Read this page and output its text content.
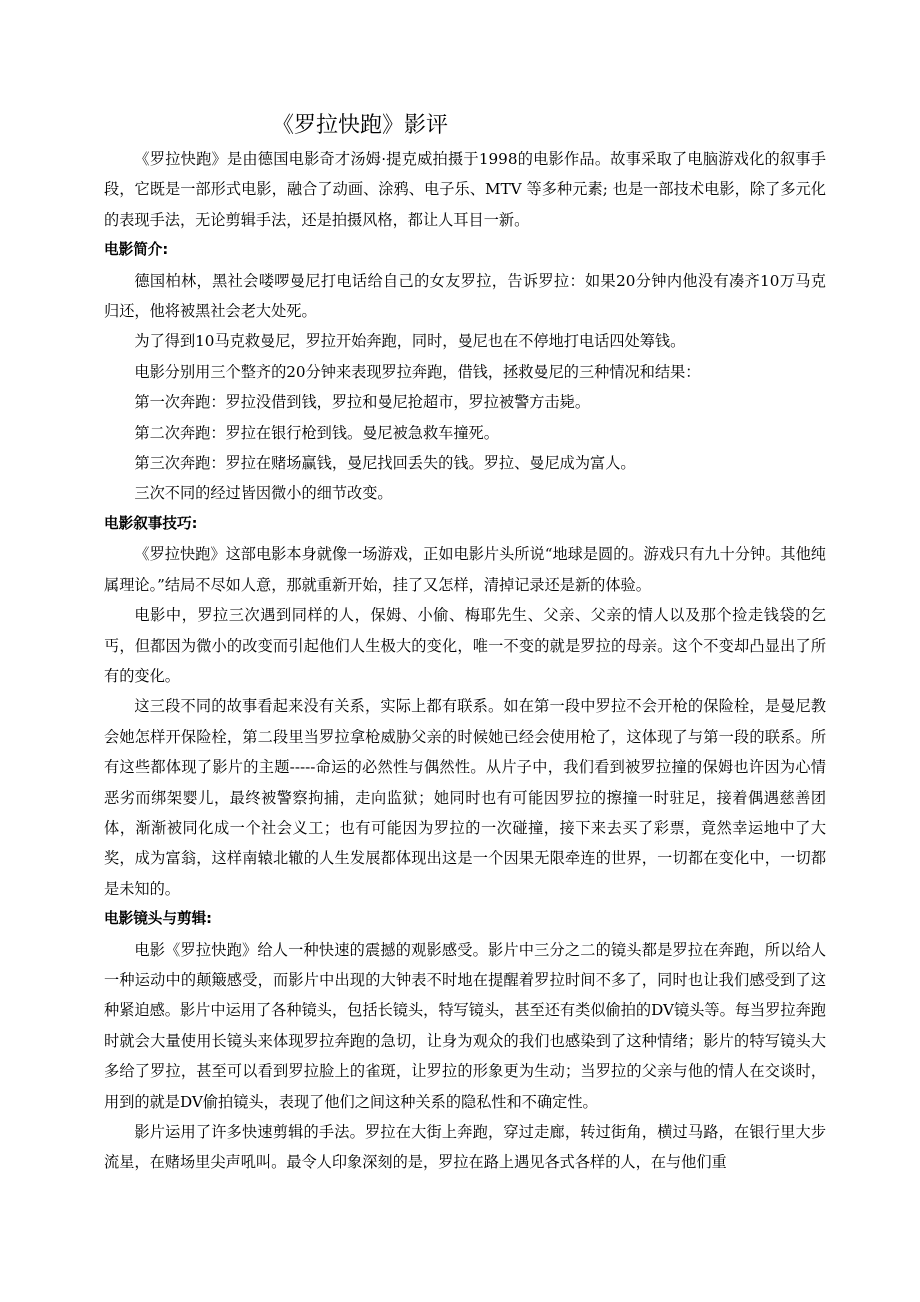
《罗拉快跑》影评

《罗拉快跑》是由德国电影奇才汤姆·提克威拍摄于1998的电影作品。故事采取了电脑游戏化的叙事手段，它既是一部形式电影，融合了动画、涂鸦、电子乐、MTV 等多种元素; 也是一部技术电影，除了多元化的表现手法，无论剪辑手法，还是拍摄风格，都让人耳目一新。

电影简介:

德国柏林，黑社会喽啰曼尼打电话给自己的女友罗拉，告诉罗拉：如果20分钟内他没有凑齐10万马克归还，他将被黑社会老大处死。

为了得到10马克救曼尼，罗拉开始奔跑，同时，曼尼也在不停地打电话四处筹钱。

电影分别用三个整齐的20分钟来表现罗拉奔跑，借钱，拯救曼尼的三种情况和结果：

第一次奔跑：罗拉没借到钱，罗拉和曼尼抢超市，罗拉被警方击毙。

第二次奔跑：罗拉在银行枪到钱。曼尼被急救车撞死。

第三次奔跑：罗拉在赌场赢钱，曼尼找回丢失的钱。罗拉、曼尼成为富人。

三次不同的经过皆因微小的细节改变。

电影叙事技巧:

《罗拉快跑》这部电影本身就像一场游戏，正如电影片头所说“地球是圆的。游戏只有九十分钟。其他纯属理论。”结局不尽如人意，那就重新开始，挂了又怎样，清掉记录还是新的体验。

电影中，罗拉三次遇到同样的人，保姆、小偷、梅耶先生、父亲、父亲的情人以及那个捡走钱袋的乞丐，但都因为微小的改变而引起他们人生极大的变化，唯一不变的就是罗拉的母亲。这个不变却凸显出了所有的变化。

这三段不同的故事看起来没有关系，实际上都有联系。如在第一段中罗拉不会开枪的保险栓，是曼尼教会她怎样开保险栓，第二段里当罗拉拿枪威胁父亲的时候她已经会使用枪了，这体现了与第一段的联系。所有这些都体现了影片的主题-----命运的必然性与偶然性。从片子中，我们看到被罗拉撞的保姆也许因为心情恶劣而绑架婴儿，最终被警察拘捕，走向监狱；她同时也有可能因罗拉的擦撞一时驻足，接着偶遇慈善团体，渐渐被同化成一个社会义工；也有可能因为罗拉的一次碰撞，接下来去买了彩票，竟然幸运地中了大奖，成为富翁，这样南辕北辙的人生发展都体现出这是一个因果无限牵连的世界，一切都在变化中，一切都是未知的。

电影镜头与剪辑:

电影《罗拉快跑》给人一种快速的震撼的观影感受。影片中三分之二的镜头都是罗拉在奔跑，所以给人一种运动中的颠簸感受，而影片中出现的大钟表不时地在提醒着罗拉时间不多了，同时也让我们感受到了这种紧迫感。影片中运用了各种镜头，包括长镜头，特写镜头，甚至还有类似偷拍的DV镜头等。每当罗拉奔跑时就会大量使用长镜头来体现罗拉奔跑的急切，让身为观众的我们也感染到了这种情绪；影片的特写镜头大多给了罗拉，甚至可以看到罗拉脸上的雀斑，让罗拉的形象更为生动；当罗拉的父亲与他的情人在交谈时，用到的就是DV偷拍镜头，表现了他们之间这种关系的隐私性和不确定性。

影片运用了许多快速剪辑的手法。罗拉在大街上奔跑，穿过走廊，转过街角，横过马路，在银行里大步流星，在赌场里尖声吼叫。最令人印象深刻的是，罗拉在路上遇见各式各样的人，在与他们重
